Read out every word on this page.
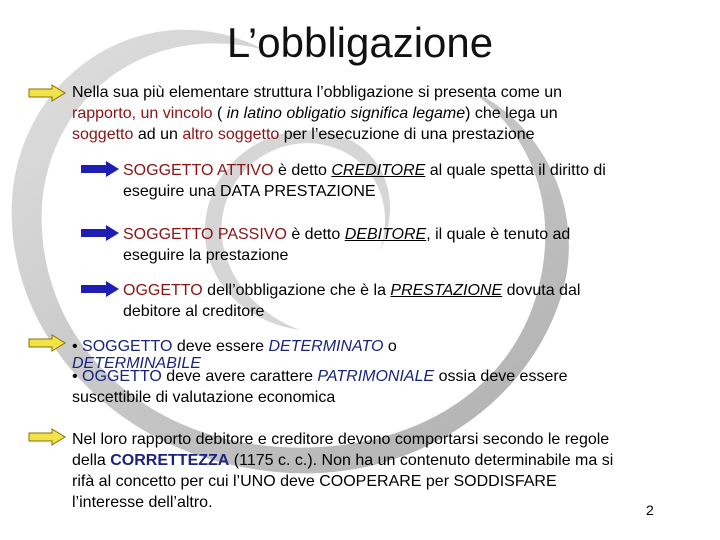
L’obbligazione
Nella sua più elementare struttura l’obbligazione si presenta come un
rapporto, un vincolo ( in latino obligatio significa legame) che lega un
soggetto ad un altro soggetto per l’esecuzione di una prestazione
SOGGETTO ATTIVO è detto CREDITORE al quale spetta il diritto di
eseguire una DATA PRESTAZIONE
SOGGETTO PASSIVO è detto DEBITORE, il quale è tenuto ad
eseguire la prestazione
OGGETTO dell’obbligazione che è la PRESTAZIONE dovuta dal
debitore al creditore
• SOGGETTO deve essere DETERMINATO o
DETERMINABILE
• OGGETTO deve avere carattere PATRIMONIALE ossia deve essere
suscettibile di valutazione economica
Nel loro rapporto debitore e creditore devono comportarsi secondo le regole
della CORRETTEZZA (1175 c. c.). Non ha un contenuto determinabile ma si
rifà al concetto per cui l’UNO deve COOPERARE per SODDISFARE
l’interesse dell’altro.	2
